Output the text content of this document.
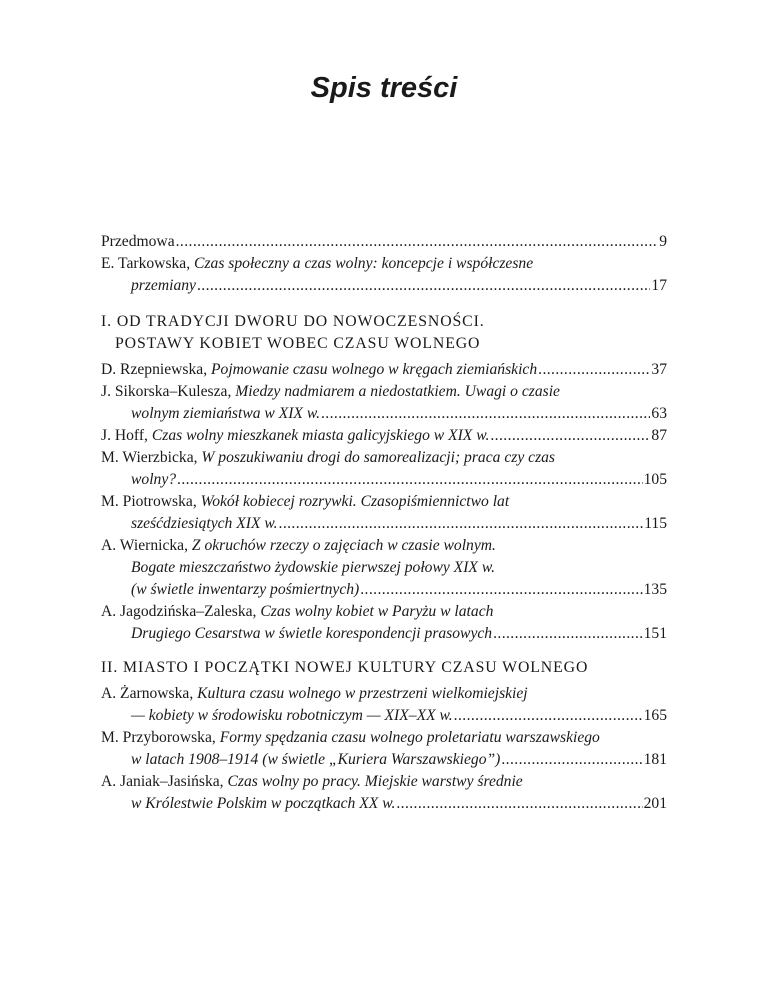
Spis treści
Przedmowa .....	9
E. Tarkowska, Czas społeczny a czas wolny: koncepcje i współczesne
przemiany .....	17
I. OD TRADYCJI DWORU DO NOWOCZESNOŚCI.
POSTAWY KOBIET WOBEC CZASU WOLNEGO
D. Rzepniewska, Pojmowanie czasu wolnego w kręgach ziemiańskich .....	37
J. Sikorska–Kulesza, Miedzy nadmiarem a niedostatkiem. Uwagi o czasie
wolnym ziemiaństwa w XIX w. .....	63
J. Hoff, Czas wolny mieszkanek miasta galicyjskiego w XIX w. .....	87
M. Wierzbicka, W poszukiwaniu drogi do samorealizacji; praca czy czas
wolny? .....	105
M. Piotrowska, Wokół kobiecej rozrywki. Czasopiśmiennictwo lat
sześćdziesiątych XIX w. .....	115
A. Wiernicka, Z okruchów rzeczy o zajęciach w czasie wolnym.
Bogate mieszczaństwo żydowskie pierwszej połowy XIX w.
(w świetle inwentarzy pośmiertnych) .....	135
A. Jagodzińska–Zaleska, Czas wolny kobiet w Paryżu w latach
Drugiego Cesarstwa w świetle korespondencji prasowych .....	151
II. MIASTO I POCZĄTKI NOWEJ KULTURY CZASU WOLNEGO
A. Żarnowska, Kultura czasu wolnego w przestrzeni wielkomiejskiej
— kobiety w środowisku robotniczym — XIX–XX w. .....	165
M. Przyborowska, Formy spędzania czasu wolnego proletariatu warszawskiego
w latach 1908–1914 (w świetle „Kuriera Warszawskiego”) .....	181
A. Janiak–Jasińska, Czas wolny po pracy. Miejskie warstwy średnie
w Królestwie Polskim w początkach XX w. .....	201
